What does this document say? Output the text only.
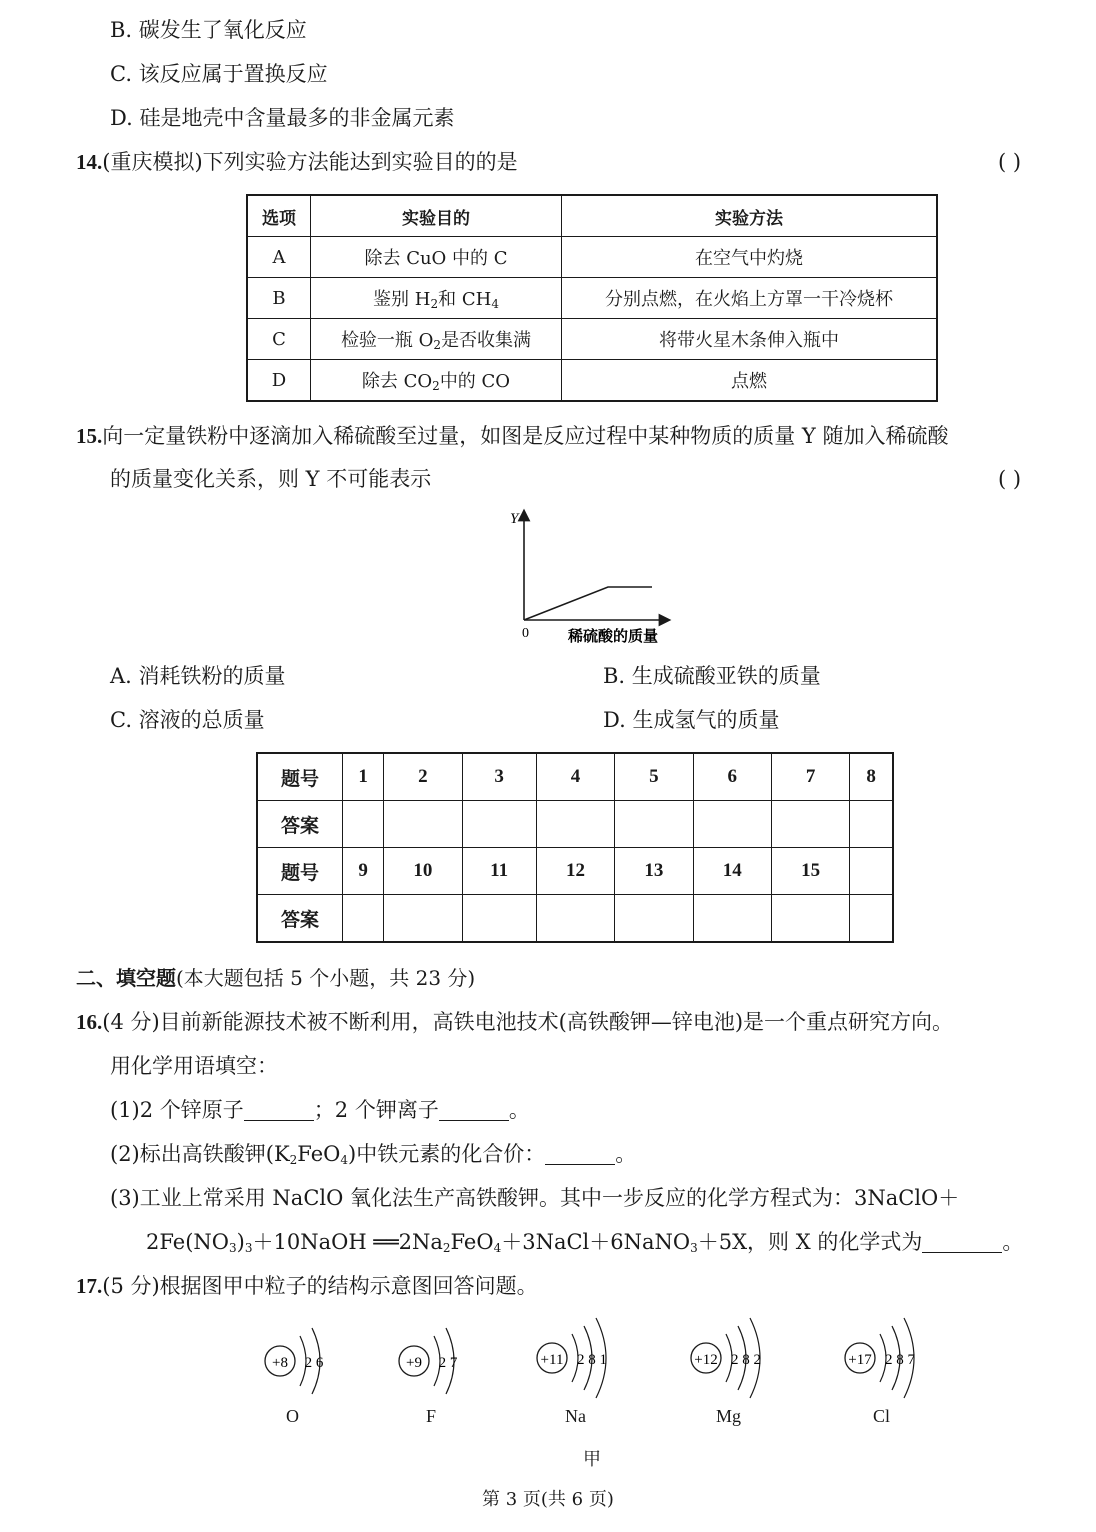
B. 碳发生了氧化反应
C. 该反应属于置换反应
D. 硅是地壳中含量最多的非金属元素
14.(重庆模拟)下列实验方法能达到实验目的的是	( )
选项	实验目的	实验方法
A	除去 CuO 中的 C	在空气中灼烧
B	鉴别 $H_2$和 $CH_4$	分别点燃，在火焰上方罩一干冷烧杯
C	检验一瓶 $O_2$是否收集满	将带火星木条伸入瓶中
D	除去 $CO_2$中的 CO	点燃
15.向一定量铁粉中逐滴加入稀硫酸至过量，如图是反应过程中某种物质的质量 Y 随加入稀硫酸
的质量变化关系，则 Y 不可能表示	( )
Y
0	稀硫酸的质量
A. 消耗铁粉的质量	B. 生成硫酸亚铁的质量
C. 溶液的总质量	D. 生成氢气的质量
题号	1	2	3	4	5	6	7	8
答案								
题号	9	10	11	12	13	14	15	
答案								
二、填空题(本大题包括 5 个小题，共 23 分)
16.(4 分)目前新能源技术被不断利用，高铁电池技术(高铁酸钾—锌电池)是一个重点研究方向。
用化学用语填空：
(1)2 个锌原子	；2 个钾离子	。
(2)标出高铁酸钾$(K_2FeO_4)$中铁元素的化合价：	。
(3)工业上常采用 NaClO 氧化法生产高铁酸钾。其中一步反应的化学方程式为：3NaClO＋
$2Fe(NO_3)_3+10NaOH$ $══2Na_2FeO_4+3NaCl+6NaNO_3+5X$，则 X 的化学式为	。
17.(5 分)根据图甲中粒子的结构示意图回答问题。
+8 2 6	+9 2 7	+11 2 8 1	+12 2 8 2	+17 2 8 7
O	F	Na	Mg	Cl
甲
第 3 页(共 6 页)
